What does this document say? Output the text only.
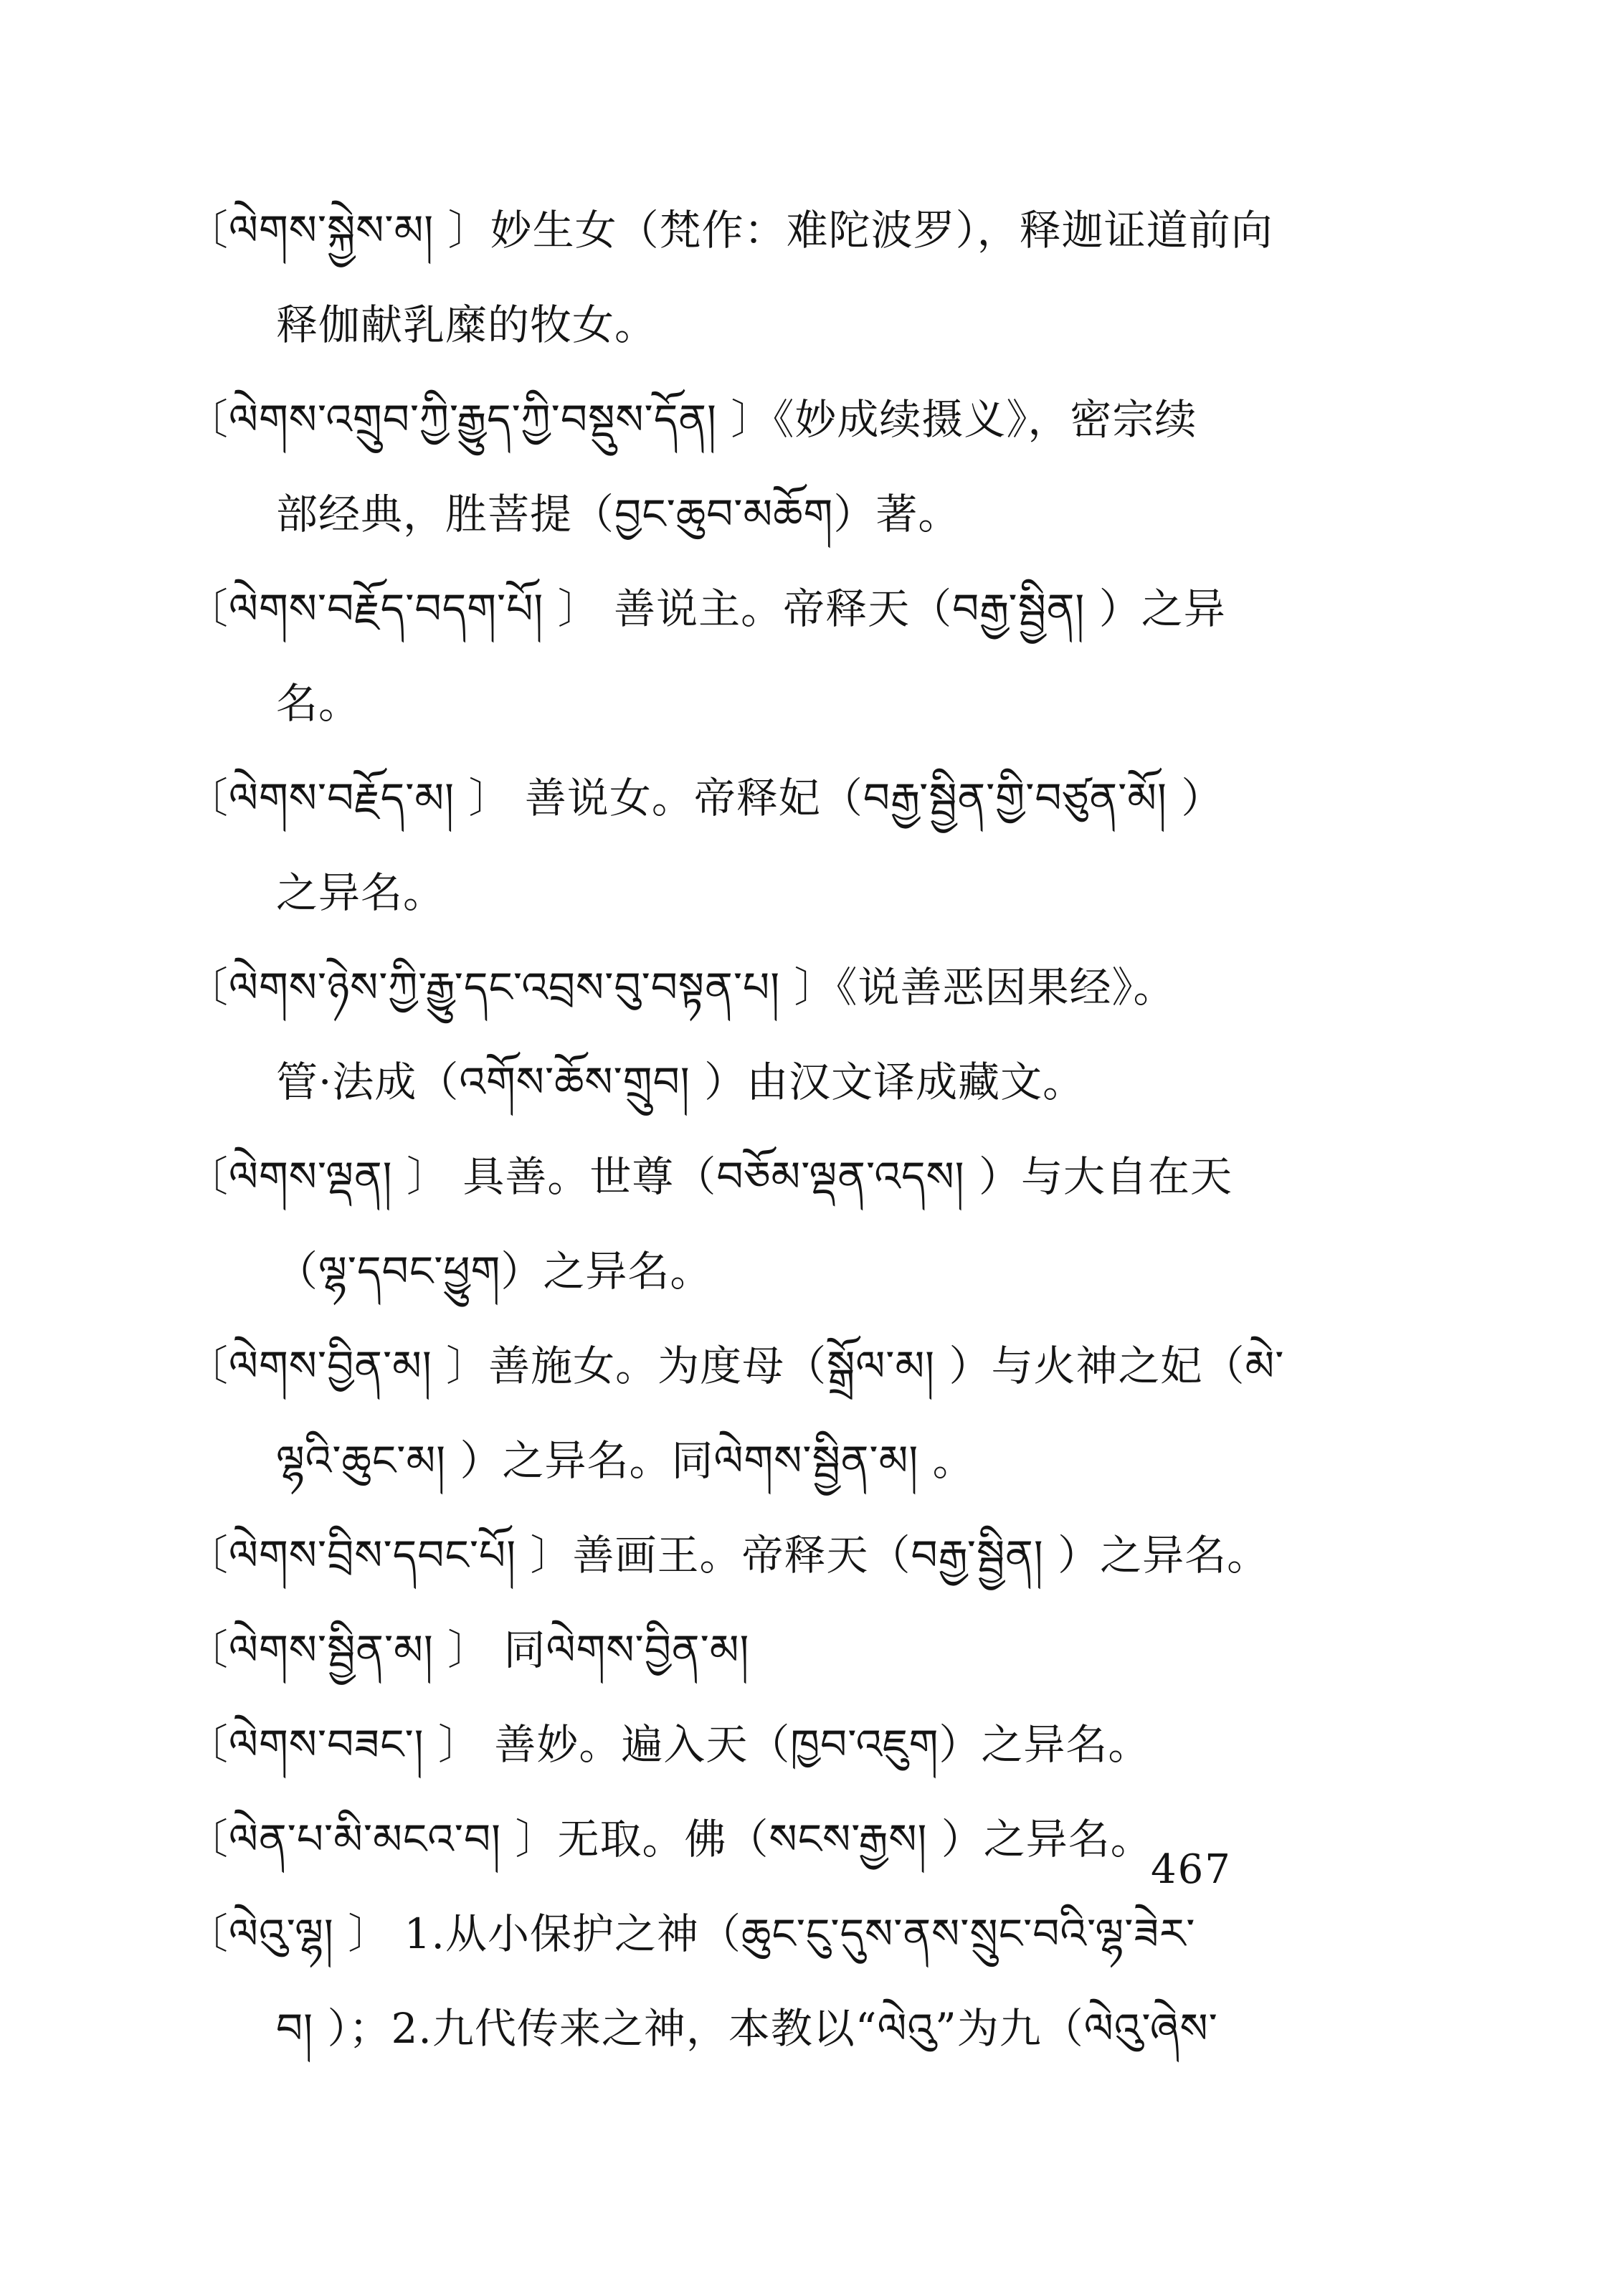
〔ལེགས་སྐྱེས་མ། 〕妙生女（梵作：难陀波罗），释迦证道前向
释伽献乳糜的牧女。
〔ལེགས་འགྲུབ་ཀྱི་རྒྱུད་ཀྱི་བསྡུས་དོན། 〕《妙成续摄义》，密宗续
部经典，胜菩提（བྱང་ཆུབ་མཆོག）著。
〔ལེགས་བརྗོད་བདག་པོ། 〕 善说主。帝释天（བརྒྱ་སྦྱིན། ）之异
名。
〔ལེགས་བརྗོད་མ། 〕 善说女。帝释妃（བརྒྱ་སྦྱིན་གྱི་བཙུན་མོ། ）
之异名。
〔ལེགས་ཉེས་ཀྱི་རྒྱུ་དང་འབྲས་བུ་བསྟན་པ། 〕《说善恶因果经》。
管·法成（འགོས་ཆོས་གྲུབ། ）由汉文译成藏文。
〔ལེགས་ལྡན། 〕 具善。世尊（བཅོམ་ལྡན་འདས། ）与大自在天
（ལྷ་དབང་ཕྱུག）之异名。
〔ལེགས་བྱིན་མ། 〕善施女。为度母（སྒྲོལ་མ། ）与火神之妃（མེ་
ལྷའི་ཆུང་མ། ）之异名。同ལེགས་སྦྱིན་མ། 。
〔ལེགས་བྲིས་དབང་པོ། 〕善画王。帝释天（བརྒྱ་སྦྱིན། ）之异名。
〔ལེགས་སྦྱིན་མ། 〕 同ལེགས་བྱིན་མ།
〔ལེགས་བཟང་། 〕 善妙。遍入天（ཁྱབ་འཇུག）之异名。
〔ལེན་པ་མི་མངའ་བ། 〕无取。佛（སངས་རྒྱས། ）之异名。
〔ལེའུ་ལྷ། 〕 1.从小保护之神（ཆུང་ངུ་དུས་ནས་སྲུང་བའི་ལྷ་ཟེར་
བ། ）；2.九代传来之神，本教以“ལེའུ”为九（ལེའུ་ཞེས་
467
